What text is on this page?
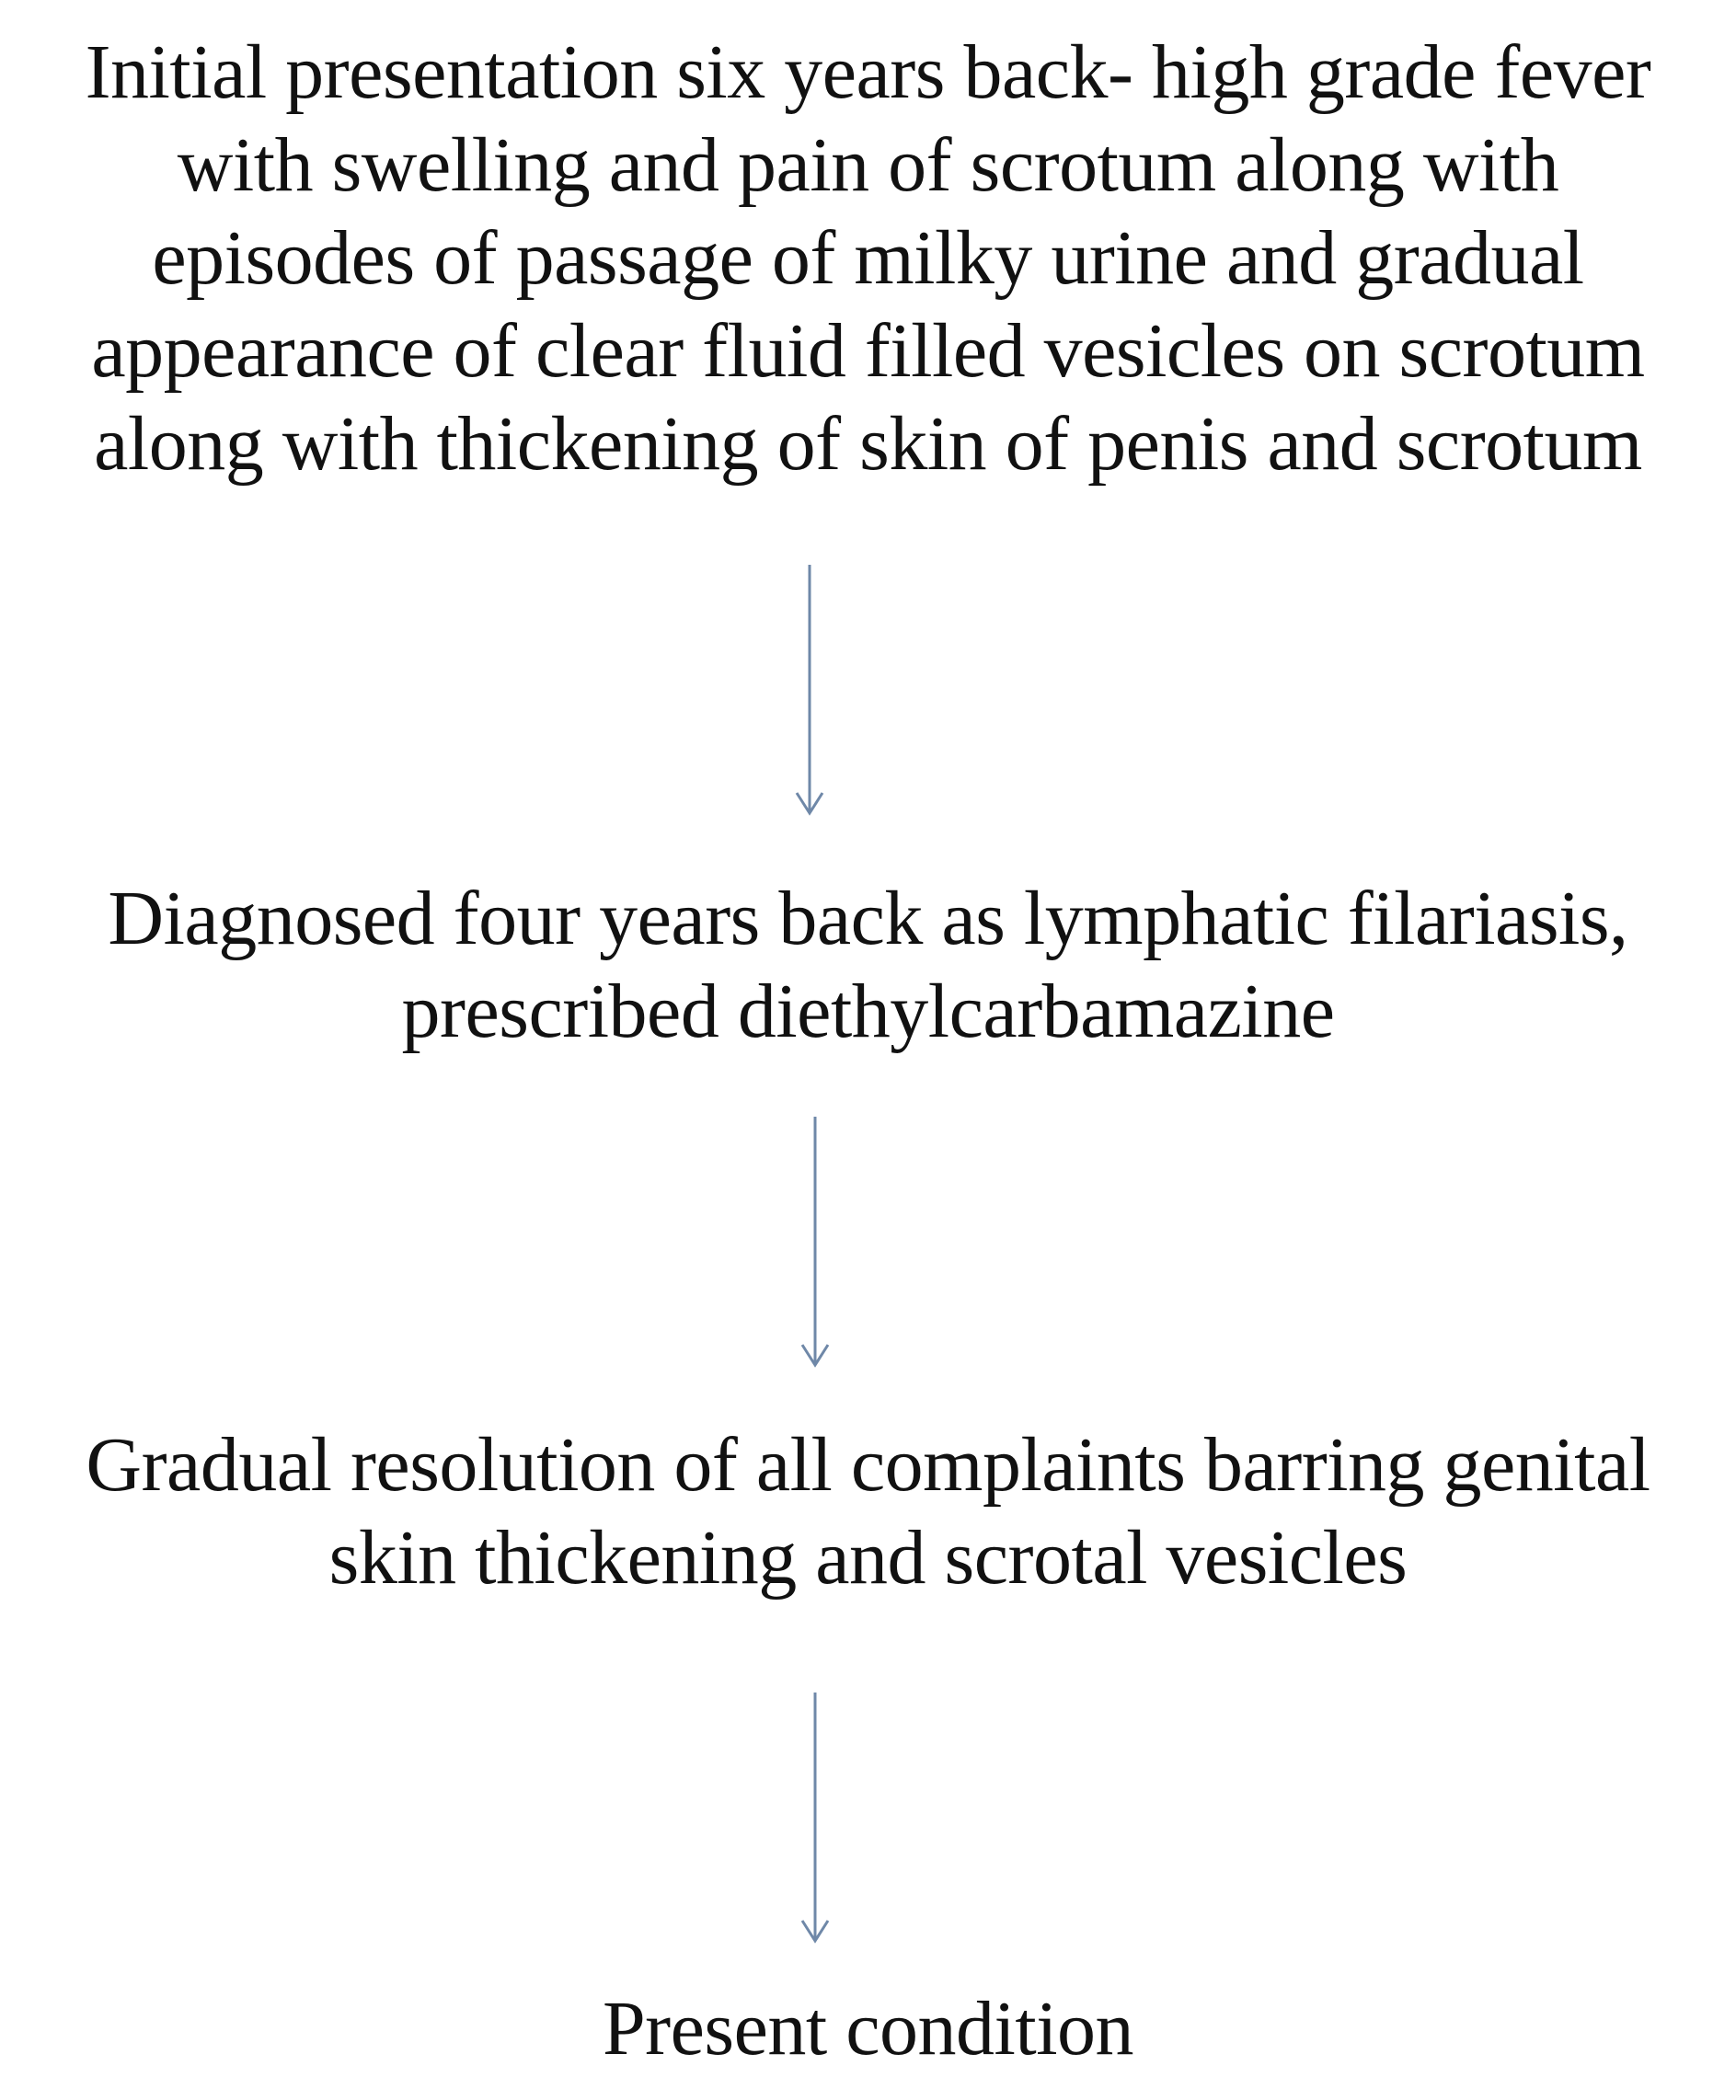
Initial presentation six years back- high grade fever
with swelling and pain of scrotum along with
episodes of passage of milky urine and gradual
appearance of clear fluid filled vesicles on scrotum
along with thickening of skin of penis and scrotum
Diagnosed four years back as lymphatic filariasis,
prescribed diethylcarbamazine
Gradual resolution of all complaints barring genital
skin thickening and scrotal vesicles
Present condition
